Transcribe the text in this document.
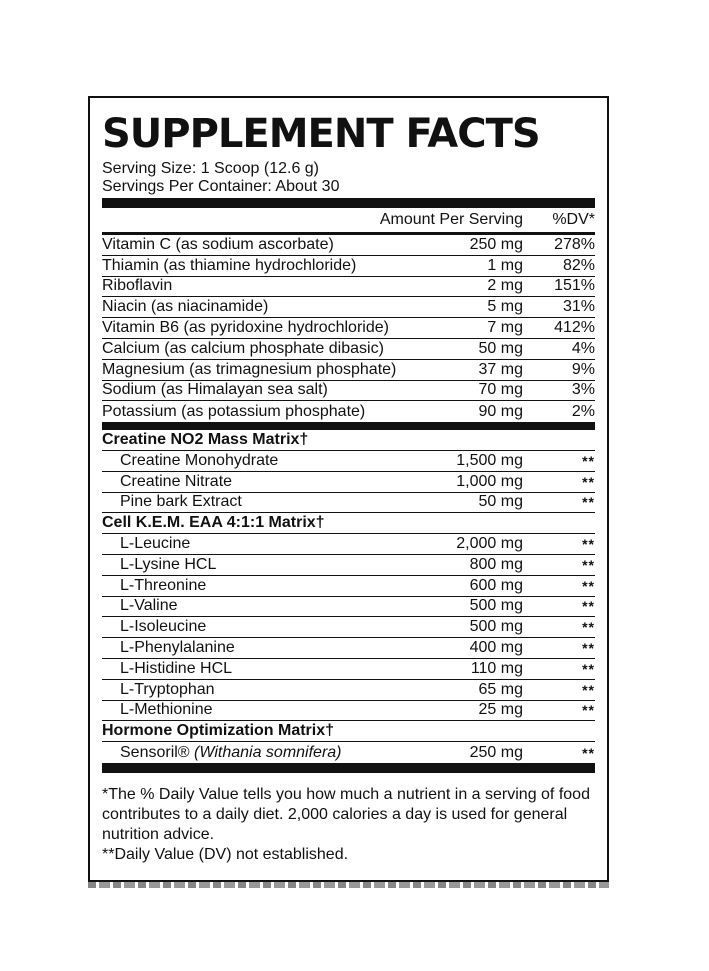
SUPPLEMENT FACTS
Serving Size: 1 Scoop (12.6 g)
Servings Per Container: About 30
Amount Per Serving	%DV*
Vitamin C (as sodium ascorbate)	250 mg	278%
Thiamin (as thiamine hydrochloride)	1 mg	82%
Riboflavin	2 mg	151%
Niacin (as niacinamide)	5 mg	31%
Vitamin B6 (as pyridoxine hydrochloride)	7 mg	412%
Calcium (as calcium phosphate dibasic)	50 mg	4%
Magnesium (as trimagnesium phosphate)	37 mg	9%
Sodium (as Himalayan sea salt)	70 mg	3%
Potassium (as potassium phosphate)	90 mg	2%
Creatine NO2 Mass Matrix†
Creatine Monohydrate	1,500 mg	**
Creatine Nitrate	1,000 mg	**
Pine bark Extract	50 mg	**
Cell K.E.M. EAA 4:1:1 Matrix†
L-Leucine	2,000 mg	**
L-Lysine HCL	800 mg	**
L-Threonine	600 mg	**
L-Valine	500 mg	**
L-Isoleucine	500 mg	**
L-Phenylalanine	400 mg	**
L-Histidine HCL	110 mg	**
L-Tryptophan	65 mg	**
L-Methionine	25 mg	**
Hormone Optimization Matrix†
Sensoril® (Withania somnifera)	250 mg	**

*The % Daily Value tells you how much a nutrient in a serving of food contributes to a daily diet. 2,000 calories a day is used for general nutrition advice.

**Daily Value (DV) not established.
